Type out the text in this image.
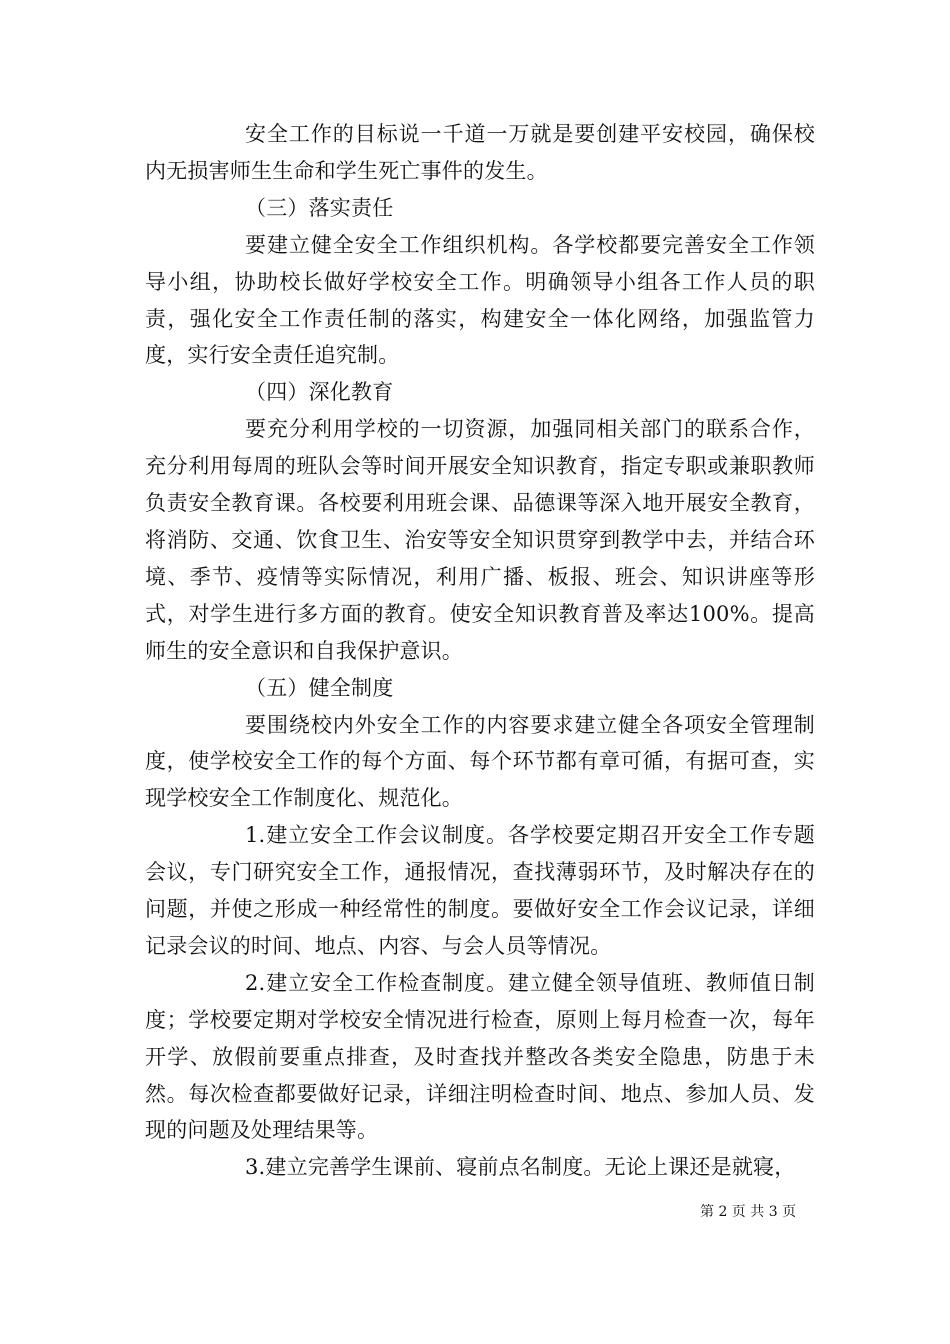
安全工作的目标说一千道一万就是要创建平安校园，确保校内无损害师生生命和学生死亡事件的发生。

（三）落实责任

要建立健全安全工作组织机构。各学校都要完善安全工作领导小组，协助校长做好学校安全工作。明确领导小组各工作人员的职责，强化安全工作责任制的落实，构建安全一体化网络，加强监管力度，实行安全责任追究制。

（四）深化教育

要充分利用学校的一切资源，加强同相关部门的联系合作，充分利用每周的班队会等时间开展安全知识教育，指定专职或兼职教师负责安全教育课。各校要利用班会课、品德课等深入地开展安全教育，将消防、交通、饮食卫生、治安等安全知识贯穿到教学中去，并结合环境、季节、疫情等实际情况，利用广播、板报、班会、知识讲座等形式，对学生进行多方面的教育。使安全知识教育普及率达100%。提高师生的安全意识和自我保护意识。

（五）健全制度

要围绕校内外安全工作的内容要求建立健全各项安全管理制度，使学校安全工作的每个方面、每个环节都有章可循，有据可查，实现学校安全工作制度化、规范化。

1.建立安全工作会议制度。各学校要定期召开安全工作专题会议，专门研究安全工作，通报情况，查找薄弱环节，及时解决存在的问题，并使之形成一种经常性的制度。要做好安全工作会议记录，详细记录会议的时间、地点、内容、与会人员等情况。

2.建立安全工作检查制度。建立健全领导值班、教师值日制度；学校要定期对学校安全情况进行检查，原则上每月检查一次，每年开学、放假前要重点排查，及时查找并整改各类安全隐患，防患于未然。每次检查都要做好记录，详细注明检查时间、地点、参加人员、发现的问题及处理结果等。

3.建立完善学生课前、寝前点名制度。无论上课还是就寝，

第 2 页 共 3 页
